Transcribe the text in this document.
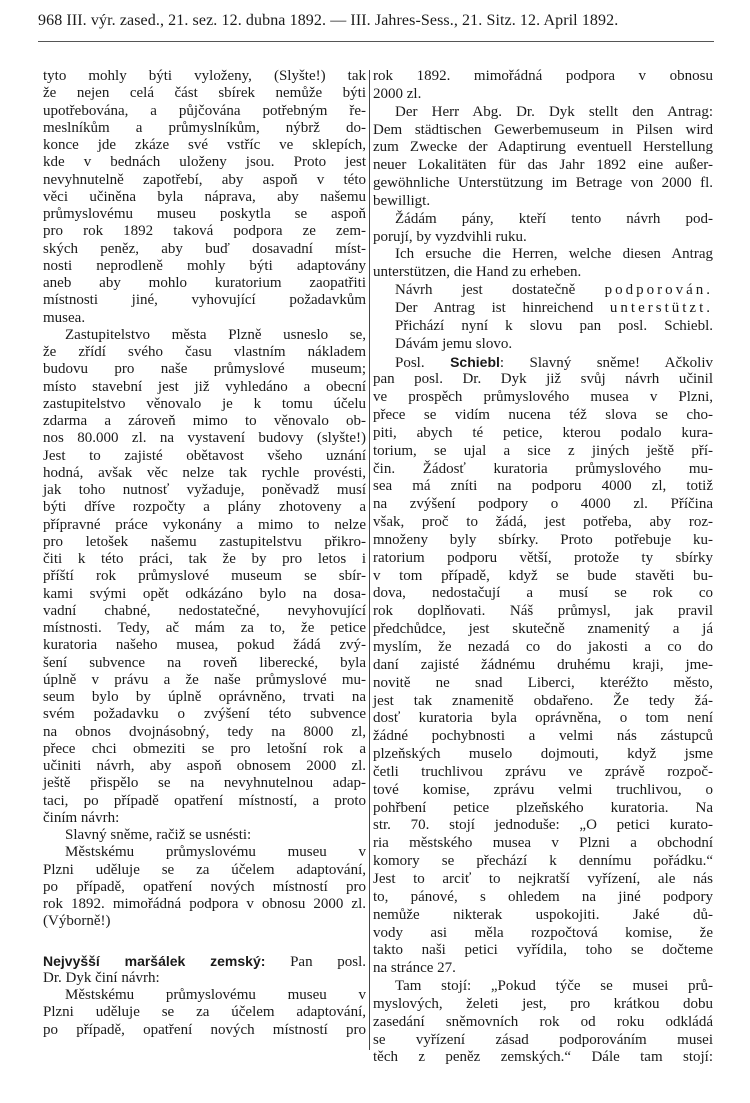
968 III. výr. zased., 21. sez. 12. dubna 1892. — III. Jahres-Sess., 21. Sitz. 12. April 1892.
tyto mohly býti vyloženy, (Slyšte!) tak
že nejen celá část sbírek nemůže býti
upotřebována, a půjčována potřebným ře-
meslníkům a průmyslníkům, nýbrž do-
konce jde zkáze své vstříc ve sklepích,
kde v bednách uloženy jsou. Proto jest
nevyhnutelně zapotřebí, aby aspoň v této
věci učiněna byla náprava, aby našemu
průmyslovému museu poskytla se aspoň
pro rok 1892 taková podpora ze zem-
ských peněz, aby buď dosavadní míst-
nosti neprodleně mohly býti adaptovány
aneb aby mohlo kuratorium zaopatřiti
místnosti jiné, vyhovující požadavkům
musea.
Zastupitelstvo města Plzně usneslo se,
že zřídí svého času vlastním nákladem
budovu pro naše průmyslové museum;
místo stavební jest již vyhledáno a obecní
zastupitelstvo věnovalo je k tomu účelu
zdarma a zároveň mimo to věnovalo ob-
nos 80.000 zl. na vystavení budovy (slyšte!)
Jest to zajisté obětavost všeho uznání
hodná, avšak věc nelze tak rychle provésti,
jak toho nutnosť vyžaduje, poněvadž musí
býti dříve rozpočty a plány zhotoveny a
přípravné práce vykonány a mimo to nelze
pro letošek našemu zastupitelstvu přikro-
čiti k této práci, tak že by pro letos i
příští rok průmyslové museum se sbír-
kami svými opět odkázáno bylo na dosa-
vadní chabné, nedostatečné, nevyhovující
místnosti. Tedy, ač mám za to, že petice
kuratoria našeho musea, pokud žádá zvý-
šení subvence na roveň liberecké, byla
úplně v právu a že naše průmyslové mu-
seum bylo by úplně oprávněno, trvati na
svém požadavku o zvýšení této subvence
na obnos dvojnásobný, tedy na 8000 zl,
přece chci obmeziti se pro letošní rok a
učiniti návrh, aby aspoň obnosem 2000 zl.
ještě přispělo se na nevyhnutelnou adap-
taci, po případě opatření místností, a proto
činím návrh:
Slavný sněme, račiž se usnésti:
Městskému průmyslovému museu v
Plzni uděluje se za účelem adaptování,
po případě, opatření nových místností pro
rok 1892. mimořádná podpora v obnosu 2000 zl.
(Výborně!)
Nejvyšší maršálek zemský: Pan posl.
Dr. Dyk činí návrh:
Městskému průmyslovému museu v
Plzni uděluje se za účelem adaptování,
po případě, opatření nových místností pro
rok 1892. mimořádná podpora v obnosu
2000 zl.
Der Herr Abg. Dr. Dyk stellt den Antrag:
Dem städtischen Gewerbemuseum in Pilsen wird
zum Zwecke der Adaptirung eventuell Herstellung
neuer Lokalitäten für das Jahr 1892 eine außer-
gewöhnliche Unterstützung im Betrage von 2000 fl.
bewilligt.
Žádám pány, kteří tento návrh pod-
porují, by vyzdvihli ruku.
Ich ersuche die Herren, welche diesen Antrag
unterstützen, die Hand zu erheben.
Návrh jest dostatečně podporován.
Der Antrag ist hinreichend unterstützt.
Přichází nyní k slovu pan posl. Schiebl.
Dávám jemu slovo.
Posl. Schiebl: Slavný sněme! Ačkoliv
pan posl. Dr. Dyk již svůj návrh učinil
ve prospěch průmyslového musea v Plzni,
přece se vidím nucena též slova se cho-
piti, abych té petice, kterou podalo kura-
torium, se ujal a sice z jiných ještě pří-
čin. Žádosť kuratoria průmyslového mu-
sea má zníti na podporu 4000 zl, totiž
na zvýšení podpory o 4000 zl. Příčina
však, proč to žádá, jest potřeba, aby roz-
množeny byly sbírky. Proto potřebuje ku-
ratorium podporu větší, protože ty sbírky
v tom případě, když se bude stavěti bu-
dova, nedostačují a musí se rok co
rok doplňovati. Náš průmysl, jak pravil
předchůdce, jest skutečně znamenitý a já
myslím, že nezadá co do jakosti a co do
daní zajisté žádnému druhému kraji, jme-
novitě ne snad Liberci, kteréžto město,
jest tak znamenitě obdařeno. Že tedy žá-
dosť kuratoria byla oprávněna, o tom není
žádné pochybnosti a velmi nás zástupců
plzeňských muselo dojmouti, když jsme
četli truchlivou zprávu ve zprávě rozpoč-
tové komise, zprávu velmi truchlivou, o
pohřbení petice plzeňského kuratoria. Na
str. 70. stojí jednoduše: „O petici kurato-
ria městského musea v Plzni a obchodní
komory se přechází k dennímu pořádku.“
Jest to arciť to nejkratší vyřízení, ale nás
to, pánové, s ohledem na jiné podpory
nemůže nikterak uspokojiti. Jaké dů-
vody asi měla rozpočtová komise, že
takto naši petici vyřídila, toho se dočteme
na stránce 27.
Tam stojí: „Pokud týče se musei prů-
myslových, želeti jest, pro krátkou dobu
zasedání sněmovních rok od roku odkládá
se vyřízení zásad podporováním musei
těch z peněz zemských.“ Dále tam stojí:
